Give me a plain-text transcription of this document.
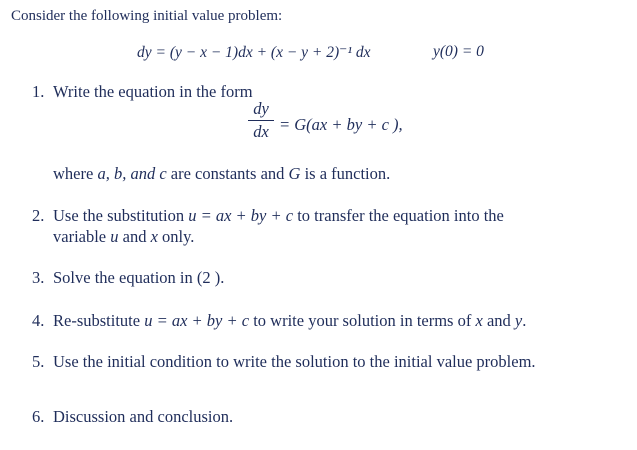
Consider the following initial value problem:
dy = (y − x − 1)dx + (x − y + 2)⁻¹ dx	y(0) = 0
1. Write the equation in the form
dy
dx = G(ax + by + c ),
where a, b, and c are constants and G is a function.
2. Use the substitution u = ax + by + c to transfer the equation into the
variable u and x only.
3. Solve the equation in (2 ).
4. Re-substitute u = ax + by + c to write your solution in terms of x and y.
5. Use the initial condition to write the solution to the initial value problem.
6. Discussion and conclusion.
